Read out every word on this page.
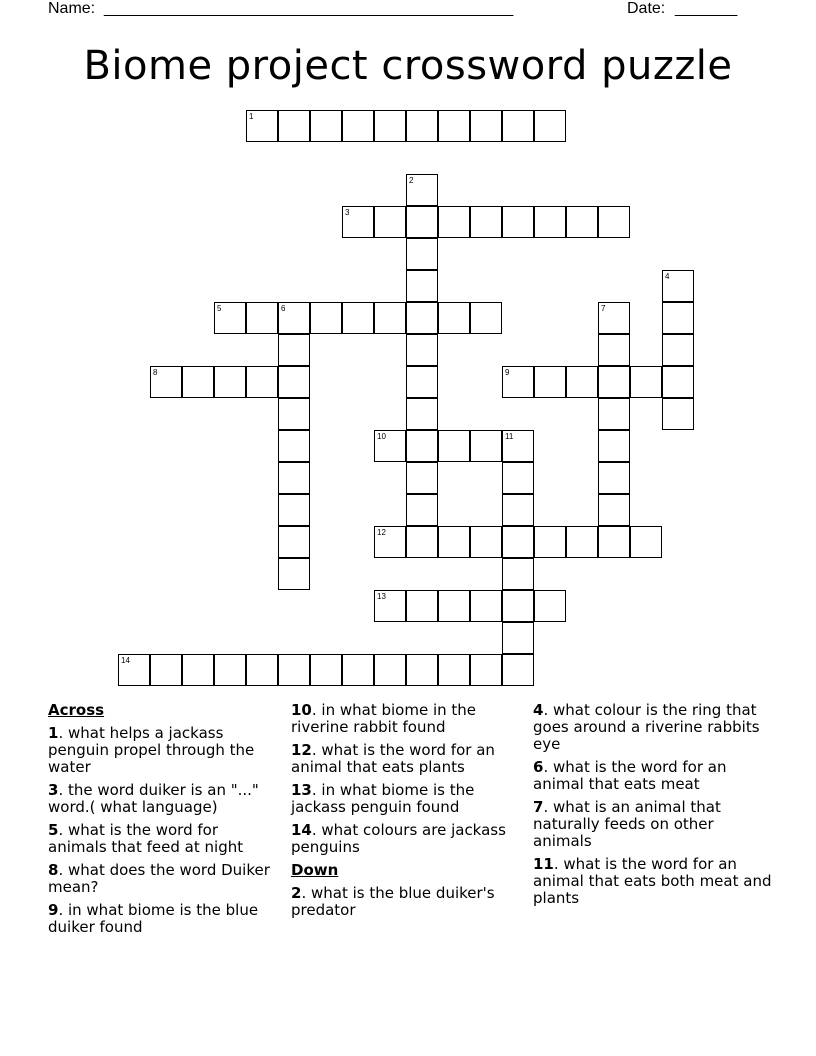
Name: ______________________________________________	Date: _______
Biome project crossword puzzle
1
2
3
4
5	6	7
8	9
10	11
12
13
14
Across
1. what helps a jackass penguin propel through the water
3. the word duiker is an "..." word.( what language)
5. what is the word for animals that feed at night
8. what does the word Duiker mean?
9. in what biome is the blue duiker found
10. in what biome in the riverine rabbit found
12. what is the word for an animal that eats plants
13. in what biome is the jackass penguin found
14. what colours are jackass penguins
Down
2. what is the blue duiker's predator
4. what colour is the ring that goes around a riverine rabbits eye
6. what is the word for an animal that eats meat
7. what is an animal that naturally feeds on other animals
11. what is the word for an animal that eats both meat and plants
